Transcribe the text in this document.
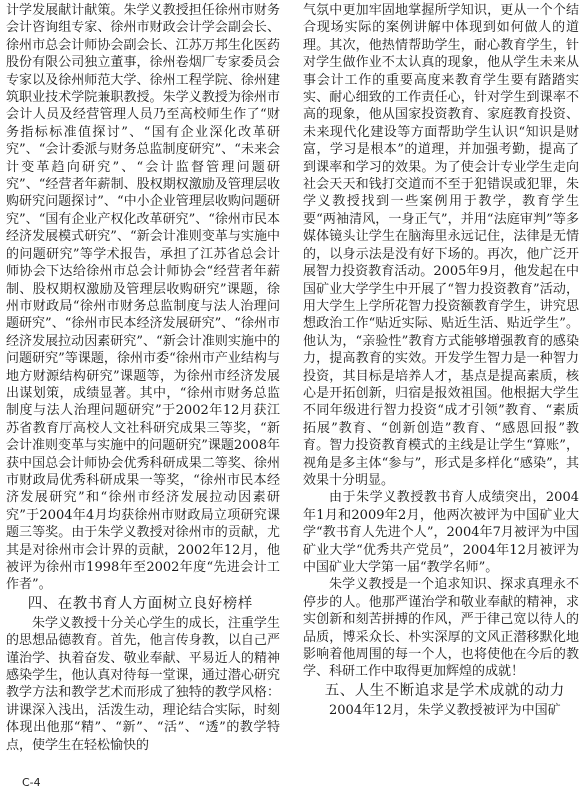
计学发展献计献策。朱学义教授担任徐州市财务会计咨询组专家、徐州市财政会计学会副会长、徐州市总会计师协会副会长、江苏万邦生化医药股份有限公司独立董事，徐州卷烟厂专家委员会专家以及徐州师范大学、徐州工程学院、徐州建筑职业技术学院兼职教授。朱学义教授为徐州市会计人员及经营管理人员乃至高校师生作了“财务指标标准值探讨”、“国有企业深化改革研究”、“会计委派与财务总监制度研究”、“未来会计变革趋向研究”、“会计监督管理问题研究”、“经营者年薪制、股权期权激励及管理层收购研究问题探讨”、“中小企业管理层收购问题研究”、“国有企业产权化改革研究”、“徐州市民本经济发展模式研究”、“新会计准则变革与实施中的问题研究”等学术报告，承担了江苏省总会计师协会下达给徐州市总会计师协会“经营者年薪制、股权期权激励及管理层收购研究”课题，徐州市财政局“徐州市财务总监制度与法人治理问题研究”、“徐州市民本经济发展研究”、“徐州市经济发展拉动因素研究”、“新会计准则实施中的问题研究”等课题，徐州市委“徐州市产业结构与地方财源结构研究”课题等，为徐州市经济发展出谋划策，成绩显著。其中，“徐州市财务总监制度与法人治理问题研究”于2002年12月获江苏省教育厅高校人文社科研究成果三等奖，“新会计准则变革与实施中的问题研究”课题2008年获中国总会计师协会优秀科研成果二等奖、徐州市财政局优秀科研成果一等奖，“徐州市民本经济发展研究”和“徐州市经济发展拉动因素研究”于2004年4月均获徐州市财政局立项研究课题三等奖。由于朱学义教授对徐州市的贡献，尤其是对徐州市会计界的贡献，2002年12月，他被评为徐州市1998年至2002年度“先进会计工作者”。

四、在教书育人方面树立良好榜样

朱学义教授十分关心学生的成长，注重学生的思想品德教育。首先，他言传身教，以自己严谨治学、执着奋发、敬业奉献、平易近人的精神感染学生，他认真对待每一堂课，通过潜心研究教学方法和教学艺术而形成了独特的教学风格：讲课深入浅出，活泼生动，理论结合实际，时刻体现出他那“精”、“新”、“活”、“透”的教学特点，使学生在轻松愉快的

气氛中更加牢固地掌握所学知识，更从一个个结合现场实际的案例讲解中体现到如何做人的道理。其次，他热情帮助学生，耐心教育学生，针对学生做作业不太认真的现象，他从学生未来从事会计工作的重要高度来教育学生要有踏踏实实、耐心细致的工作责任心，针对学生到课率不高的现象，他从国家投资教育、家庭教育投资、未来现代化建设等方面帮助学生认识“知识是财富，学习是根本”的道理，并加强考勤，提高了到课率和学习的效果。为了使会计专业学生走向社会天天和钱打交道而不至于犯错误或犯罪，朱学义教授找到一些案例用于教学，教育学生要“两袖清风，一身正气”，并用“法庭审判”等多媒体镜头让学生在脑海里永远记住，法律是无情的，以身示法是没有好下场的。再次，他广泛开展智力投资教育活动。2005年9月，他发起在中国矿业大学学生中开展了“智力投资教育”活动，用大学生上学所花智力投资额教育学生，讲究思想政治工作“贴近实际、贴近生活、贴近学生”。他认为，“亲验性”教育方式能够增强教育的感染力，提高教育的实效。开发学生智力是一种智力投资，其目标是培养人才，基点是提高素质，核心是开拓创新，归宿是报效祖国。他根据大学生不同年级进行智力投资“成才引领”教育、“素质拓展”教育、“创新创造”教育、“感恩回报”教育。智力投资教育模式的主线是让学生“算账”，视角是多主体“参与”，形式是多样化“感染”，其效果十分明显。

由于朱学义教授教书育人成绩突出，2004年1月和2009年2月，他两次被评为中国矿业大学“教书育人先进个人”，2004年7月被评为中国矿业大学“优秀共产党员”，2004年12月被评为中国矿业大学第一届“教学名师”。

朱学义教授是一个追求知识、探求真理永不停步的人。他那严谨治学和敬业奉献的精神，求实创新和刻苦拼搏的作风，严于律己宽以待人的品质，博采众长、朴实深厚的文风正潜移默化地影响着他周围的每一个人，也将使他在今后的教学、科研工作中取得更加辉煌的成就！

五、人生不断追求是学术成就的动力

2004年12月，朱学义教授被评为中国矿

C-4
